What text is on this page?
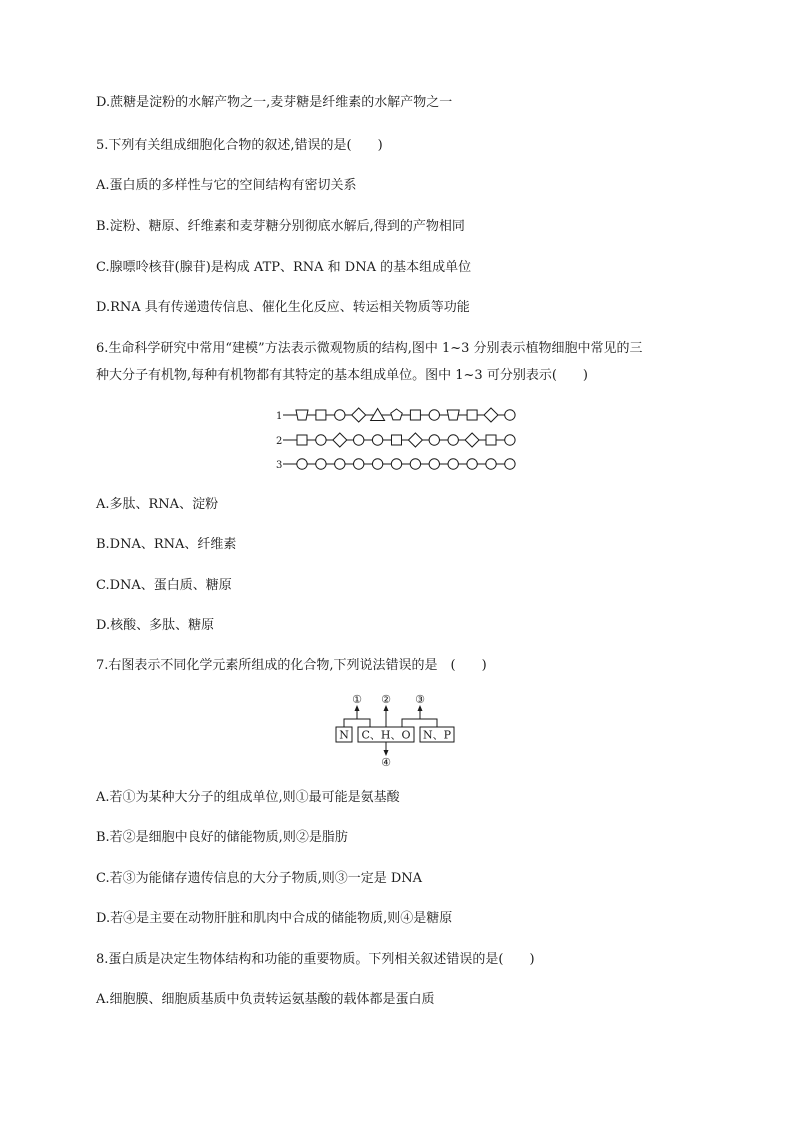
D.蔗糖是淀粉的水解产物之一,麦芽糖是纤维素的水解产物之一
5.下列有关组成细胞化合物的叙述,错误的是(　　)
A.蛋白质的多样性与它的空间结构有密切关系
B.淀粉、糖原、纤维素和麦芽糖分别彻底水解后,得到的产物相同
C.腺嘌呤核苷(腺苷)是构成 ATP、RNA 和 DNA 的基本组成单位
D.RNA 具有传递遗传信息、催化生化反应、转运相关物质等功能
6.生命科学研究中常用“建模”方法表示微观物质的结构,图中 1~3 分别表示植物细胞中常见的三
种大分子有机物,每种有机物都有其特定的基本组成单位。图中 1~3 可分别表示(　　)
1
2
3
A.多肽、RNA、淀粉
B.DNA、RNA、纤维素
C.DNA、蛋白质、糖原
D.核酸、多肽、糖原
7.右图表示不同化学元素所组成的化合物,下列说法错误的是　(　　)
N C、H、O N、P
① ② ③
④
A.若①为某种大分子的组成单位,则①最可能是氨基酸
B.若②是细胞中良好的储能物质,则②是脂肪
C.若③为能储存遗传信息的大分子物质,则③一定是 DNA
D.若④是主要在动物肝脏和肌肉中合成的储能物质,则④是糖原
8.蛋白质是决定生物体结构和功能的重要物质。下列相关叙述错误的是(　　)
A.细胞膜、细胞质基质中负责转运氨基酸的载体都是蛋白质
